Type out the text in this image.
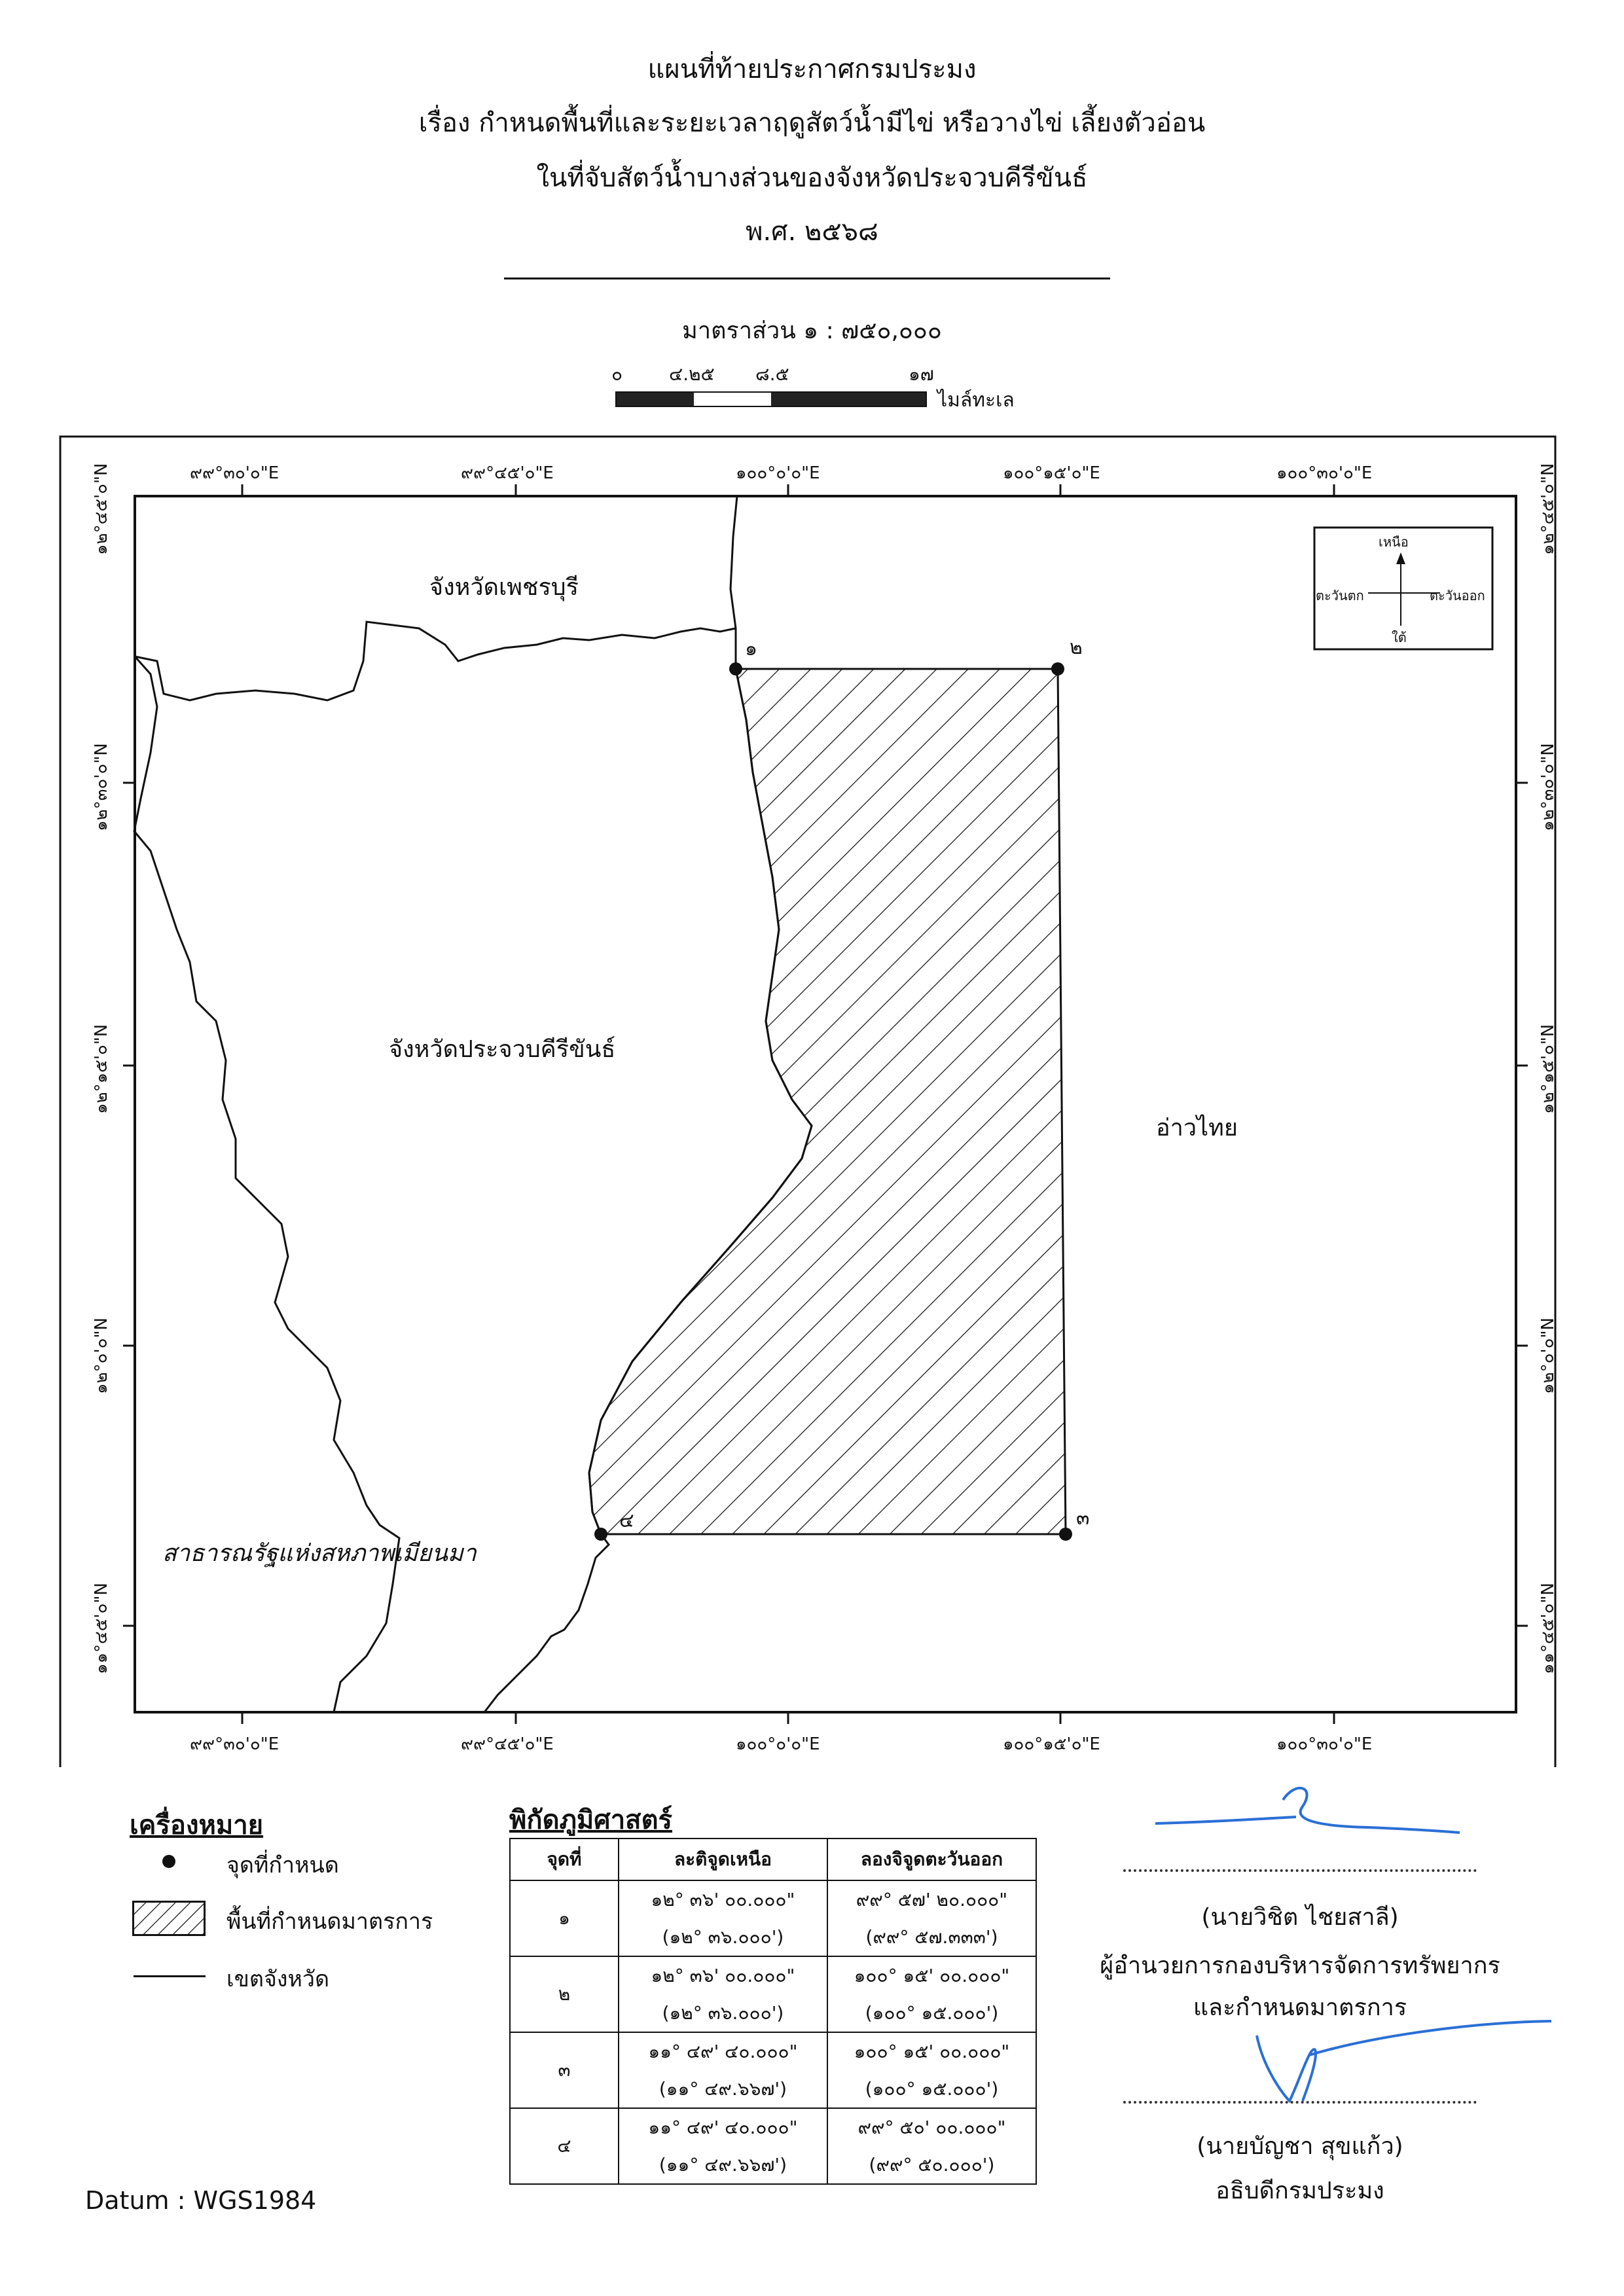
แผนที่ท้ายประกาศกรมประมง
เรื่อง กำหนดพื้นที่และระยะเวลาฤดูสัตว์น้ำมีไข่ หรือวางไข่ เลี้ยงตัวอ่อน
ในที่จับสัตว์น้ำบางส่วนของจังหวัดประจวบคีรีขันธ์
พ.ศ. ๒๕๖๘
มาตราส่วน ๑ : ๗๕๐,๐๐๐
๐	๔.๒๕ ๘.๕	๑๗
ไมล์ทะเล
๙๙°๓๐'๐"E	๙๙°๔๕'๐"E	๑๐๐°๐'๐"E	๑๐๐°๑๕'๐"E	๑๐๐°๓๐'๐"E
๙๙°๓๐'๐"E	๙๙°๔๕'๐"E	๑๐๐°๐'๐"E	๑๐๐°๑๕'๐"E	๑๐๐°๓๐'๐"E
๑๒°๔๕'๐"N
๑๒°๓๐'๐"N
๑๒°๑๕'๐"N
๑๒°๐'๐"N
๑๑°๔๕'๐"N
๑๒°๔๕'๐"N
๑๒°๓๐'๐"N
๑๒°๑๕'๐"N
๑๒°๐'๐"N
๑๑°๔๕'๐"N
จังหวัดเพชรบุรี
จังหวัดประจวบคีรีขันธ์
อ่าวไทย
สาธารณรัฐแห่งสหภาพเมียนมา
๑	๒
๓
๔
เหนือ
ใต้
ตะวันตก	ตะวันออก
เครื่องหมาย
จุดที่กำหนด
พื้นที่กำหนดมาตรการ
เขตจังหวัด
พิกัดภูมิศาสตร์
จุดที่	ละติจูดเหนือ	ลองจิจูดตะวันออก
๑	๑๒° ๓๖' ๐๐.๐๐๐"	๙๙° ๕๗' ๒๐.๐๐๐"
	(๑๒° ๓๖.๐๐๐')	(๙๙° ๕๗.๓๓๓')
๒	๑๒° ๓๖' ๐๐.๐๐๐"	๑๐๐° ๑๕' ๐๐.๐๐๐"
	(๑๒° ๓๖.๐๐๐')	(๑๐๐° ๑๕.๐๐๐')
๓	๑๑° ๔๙' ๔๐.๐๐๐"	๑๐๐° ๑๕' ๐๐.๐๐๐"
	(๑๑° ๔๙.๖๖๗')	(๑๐๐° ๑๕.๐๐๐')
๔	๑๑° ๔๙' ๔๐.๐๐๐"	๙๙° ๕๐' ๐๐.๐๐๐"
	(๑๑° ๔๙.๖๖๗')	(๙๙° ๕๐.๐๐๐')
(นายวิชิต ไชยสาลี)
ผู้อำนวยการกองบริหารจัดการทรัพยากร
และกำหนดมาตรการ
(นายบัญชา สุขแก้ว)
อธิบดีกรมประมง
Datum : WGS1984
